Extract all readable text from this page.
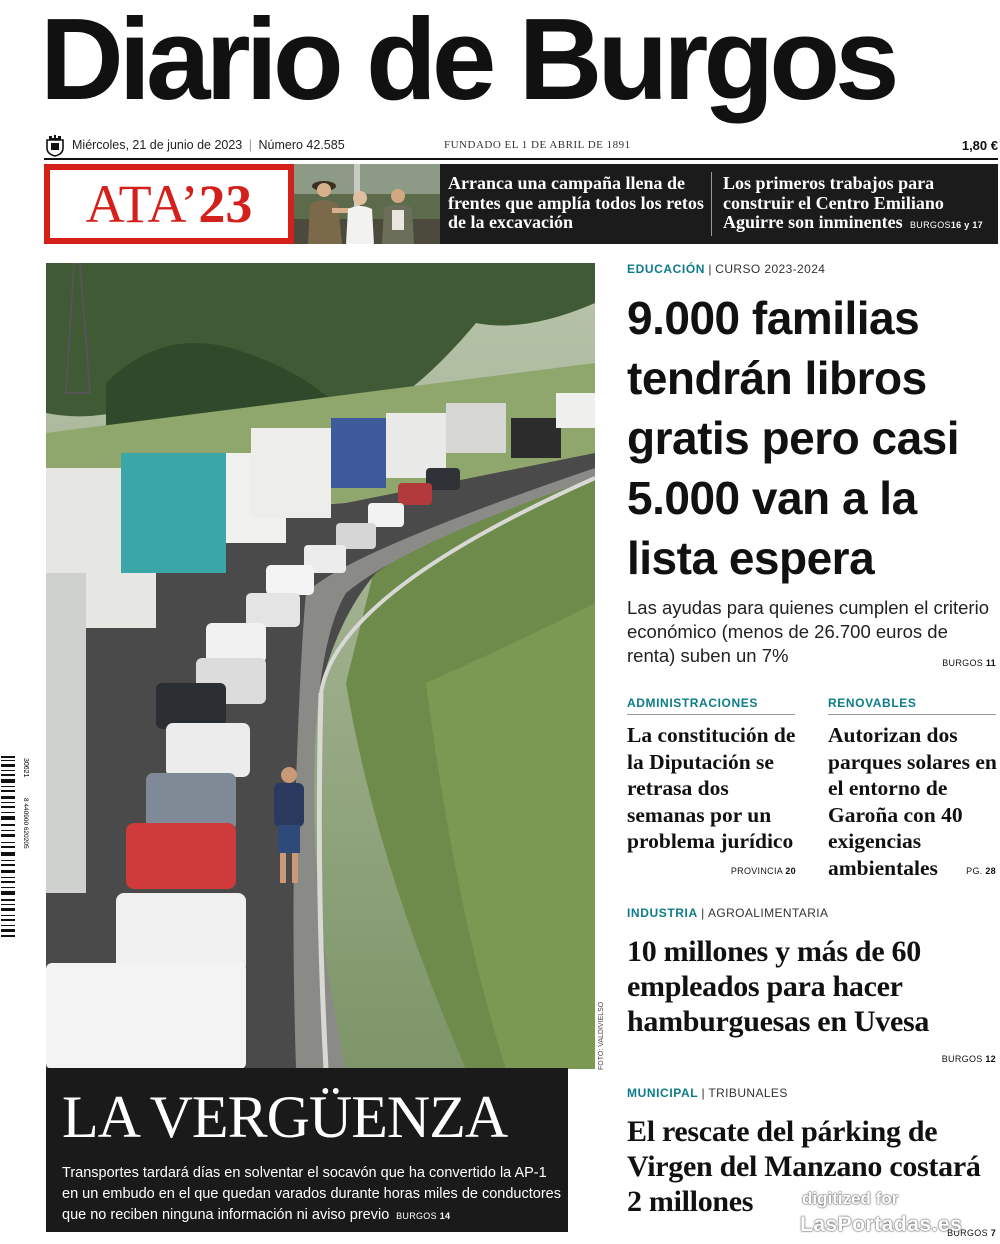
Diario de Burgos
Miércoles, 21 de junio de 2023 | Número 42.585	FUNDADO EL 1 DE ABRIL DE 1891	1,80 €
ATA’23	Arranca una campaña llena de frentes que amplía todos los retos de la excavación
Los primeros trabajos para construir el Centro Emiliano Aguirre son inminentes BURGOS16 y 17
FOTO: VALDIVIELSO
30621
8 440900 620205
LA VERGÜENZA
Transportes tardará días en solventar el socavón que ha convertido la AP-1 en un embudo en el que quedan varados durante horas miles de conductores que no reciben ninguna información ni aviso previo BURGOS 14
EDUCACIÓN | CURSO 2023-2024
9.000 familias tendrán libros gratis pero casi 5.000 van a la lista espera
Las ayudas para quienes cumplen el criterio económico (menos de 26.700 euros de renta) suben un 7%	BURGOS 11
ADMINISTRACIONES
La constitución de la Diputación se retrasa dos semanas por un problema jurídico
PROVINCIA 20
RENOVABLES
Autorizan dos parques solares en el entorno de Garoña con 40 exigencias ambientales	PG. 28
INDUSTRIA | AGROALIMENTARIA
10 millones y más de 60 empleados para hacer hamburguesas en Uvesa
BURGOS 12
MUNICIPAL | TRIBUNALES
El rescate del párking de Virgen del Manzano costará 2 millones
BURGOS 7
digitized for
LasPortadas.es
